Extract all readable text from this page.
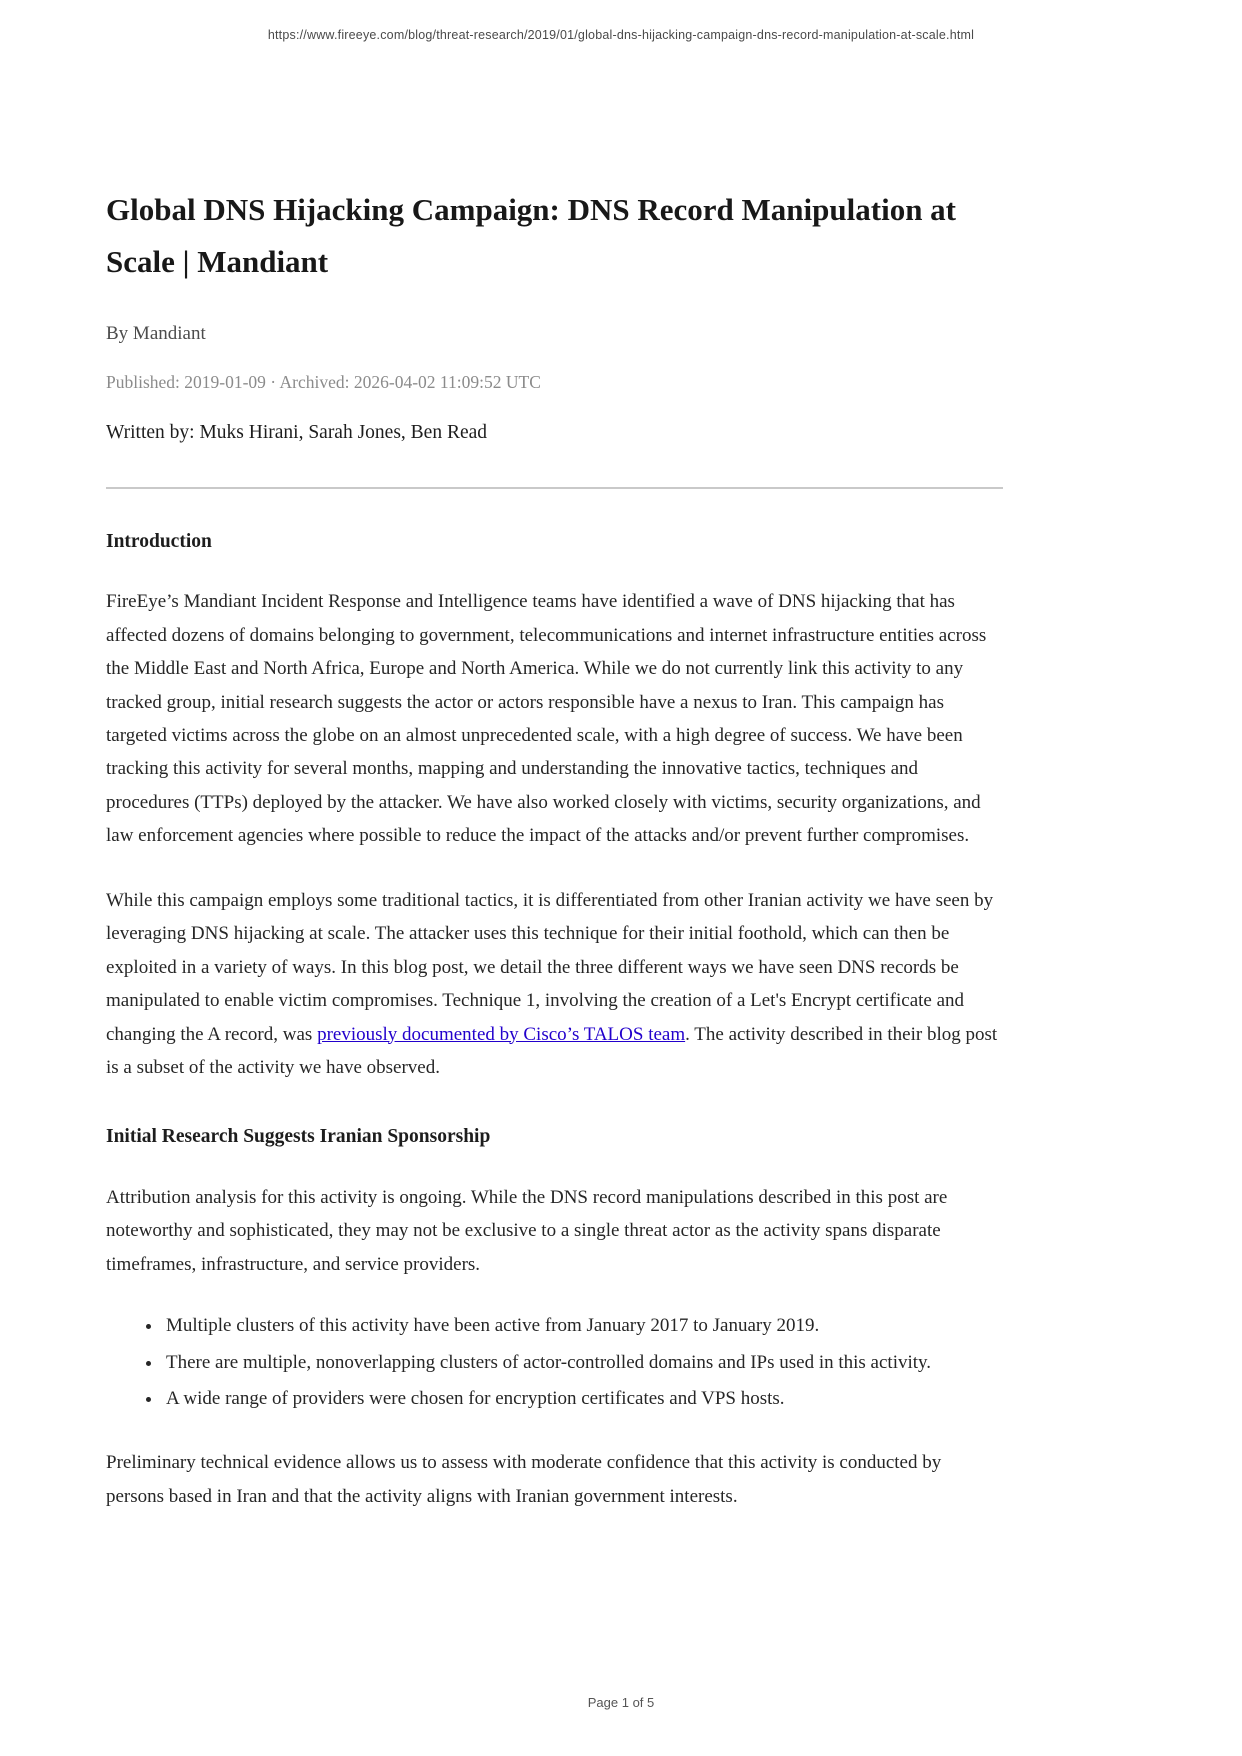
https://www.fireeye.com/blog/threat-research/2019/01/global-dns-hijacking-campaign-dns-record-manipulation-at-scale.html
Global DNS Hijacking Campaign: DNS Record Manipulation at Scale | Mandiant

By Mandiant

Published: 2019-01-09 · Archived: 2026-04-02 11:09:52 UTC

Written by: Muks Hirani, Sarah Jones, Ben Read

Introduction

FireEye’s Mandiant Incident Response and Intelligence teams have identified a wave of DNS hijacking that has affected dozens of domains belonging to government, telecommunications and internet infrastructure entities across the Middle East and North Africa, Europe and North America. While we do not currently link this activity to any tracked group, initial research suggests the actor or actors responsible have a nexus to Iran. This campaign has targeted victims across the globe on an almost unprecedented scale, with a high degree of success. We have been tracking this activity for several months, mapping and understanding the innovative tactics, techniques and procedures (TTPs) deployed by the attacker. We have also worked closely with victims, security organizations, and law enforcement agencies where possible to reduce the impact of the attacks and/or prevent further compromises.

While this campaign employs some traditional tactics, it is differentiated from other Iranian activity we have seen by leveraging DNS hijacking at scale. The attacker uses this technique for their initial foothold, which can then be exploited in a variety of ways. In this blog post, we detail the three different ways we have seen DNS records be manipulated to enable victim compromises. Technique 1, involving the creation of a Let's Encrypt certificate and changing the A record, was previously documented by Cisco’s TALOS team. The activity described in their blog post is a subset of the activity we have observed.

Initial Research Suggests Iranian Sponsorship

Attribution analysis for this activity is ongoing. While the DNS record manipulations described in this post are noteworthy and sophisticated, they may not be exclusive to a single threat actor as the activity spans disparate timeframes, infrastructure, and service providers.

• Multiple clusters of this activity have been active from January 2017 to January 2019.
• There are multiple, nonoverlapping clusters of actor-controlled domains and IPs used in this activity.
• A wide range of providers were chosen for encryption certificates and VPS hosts.

Preliminary technical evidence allows us to assess with moderate confidence that this activity is conducted by persons based in Iran and that the activity aligns with Iranian government interests.

Page 1 of 5
